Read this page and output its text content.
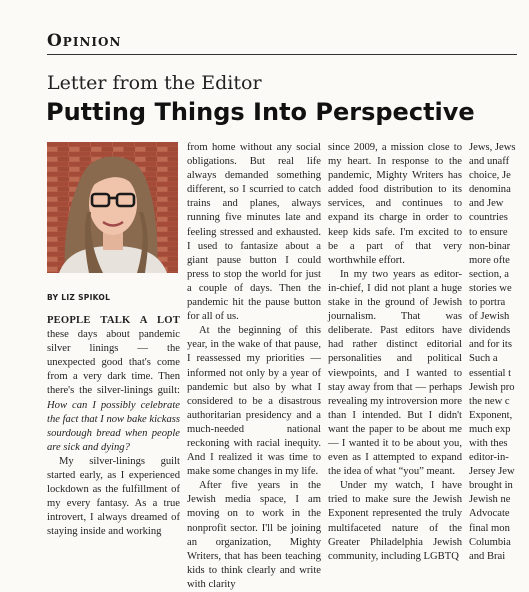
Opinion
Letter from the Editor
Putting Things Into Perspective
BY LIZ SPIKOL

PEOPLE TALK A LOT these days about pandemic silver linings — the unexpected good that's come from a very dark time. Then there's the silver-linings guilt: How can I possibly celebrate the fact that I now bake kickass sourdough bread when people are sick and dying?

My silver-linings guilt started early, as I experienced lockdown as the fulfillment of my every fantasy. As a true introvert, I always dreamed of staying inside and working

from home without any social obligations. But real life always demanded something different, so I scurried to catch trains and planes, always running five minutes late and feeling stressed and exhausted. I used to fantasize about a giant pause button I could press to stop the world for just a couple of days. Then the pandemic hit the pause button for all of us.

At the beginning of this year, in the wake of that pause, I reassessed my priorities — informed not only by a year of pandemic but also by what I considered to be a disastrous authoritarian presidency and a much-needed national reckoning with racial inequity. And I realized it was time to make some changes in my life.

After five years in the Jewish media space, I am moving on to work in the nonprofit sector. I'll be joining an organization, Mighty Writers, that has been teaching kids to think clearly and write with clarity

since 2009, a mission close to my heart. In response to the pandemic, Mighty Writers has added food distribution to its services, and continues to expand its charge in order to keep kids safe. I'm excited to be a part of that very worthwhile effort.

In my two years as editor-in-chief, I did not plant a huge stake in the ground of Jewish journalism. That was deliberate. Past editors have had rather distinct editorial personalities and political viewpoints, and I wanted to stay away from that — perhaps revealing my introversion more than I intended. But I didn't want the paper to be about me — I wanted it to be about you, even as I attempted to expand the idea of what “you” meant.

Under my watch, I have tried to make sure the Jewish Exponent represented the truly multifaceted nature of the Greater Philadelphia Jewish community, including LGBTQ

Jews, Jews
and unaff
choice, Je
denomina
and Jew
countries
to ensure
non-binar
more ofte
section, a
stories we
to portra
of Jewish
dividends
and for its
Such a
essential t
Jewish pro
the new c
Exponent,
much exp
with thes
editor-in-
Jersey Jew
brought in
Jewish ne
Advocate
final mon
Columbia
and Brai
